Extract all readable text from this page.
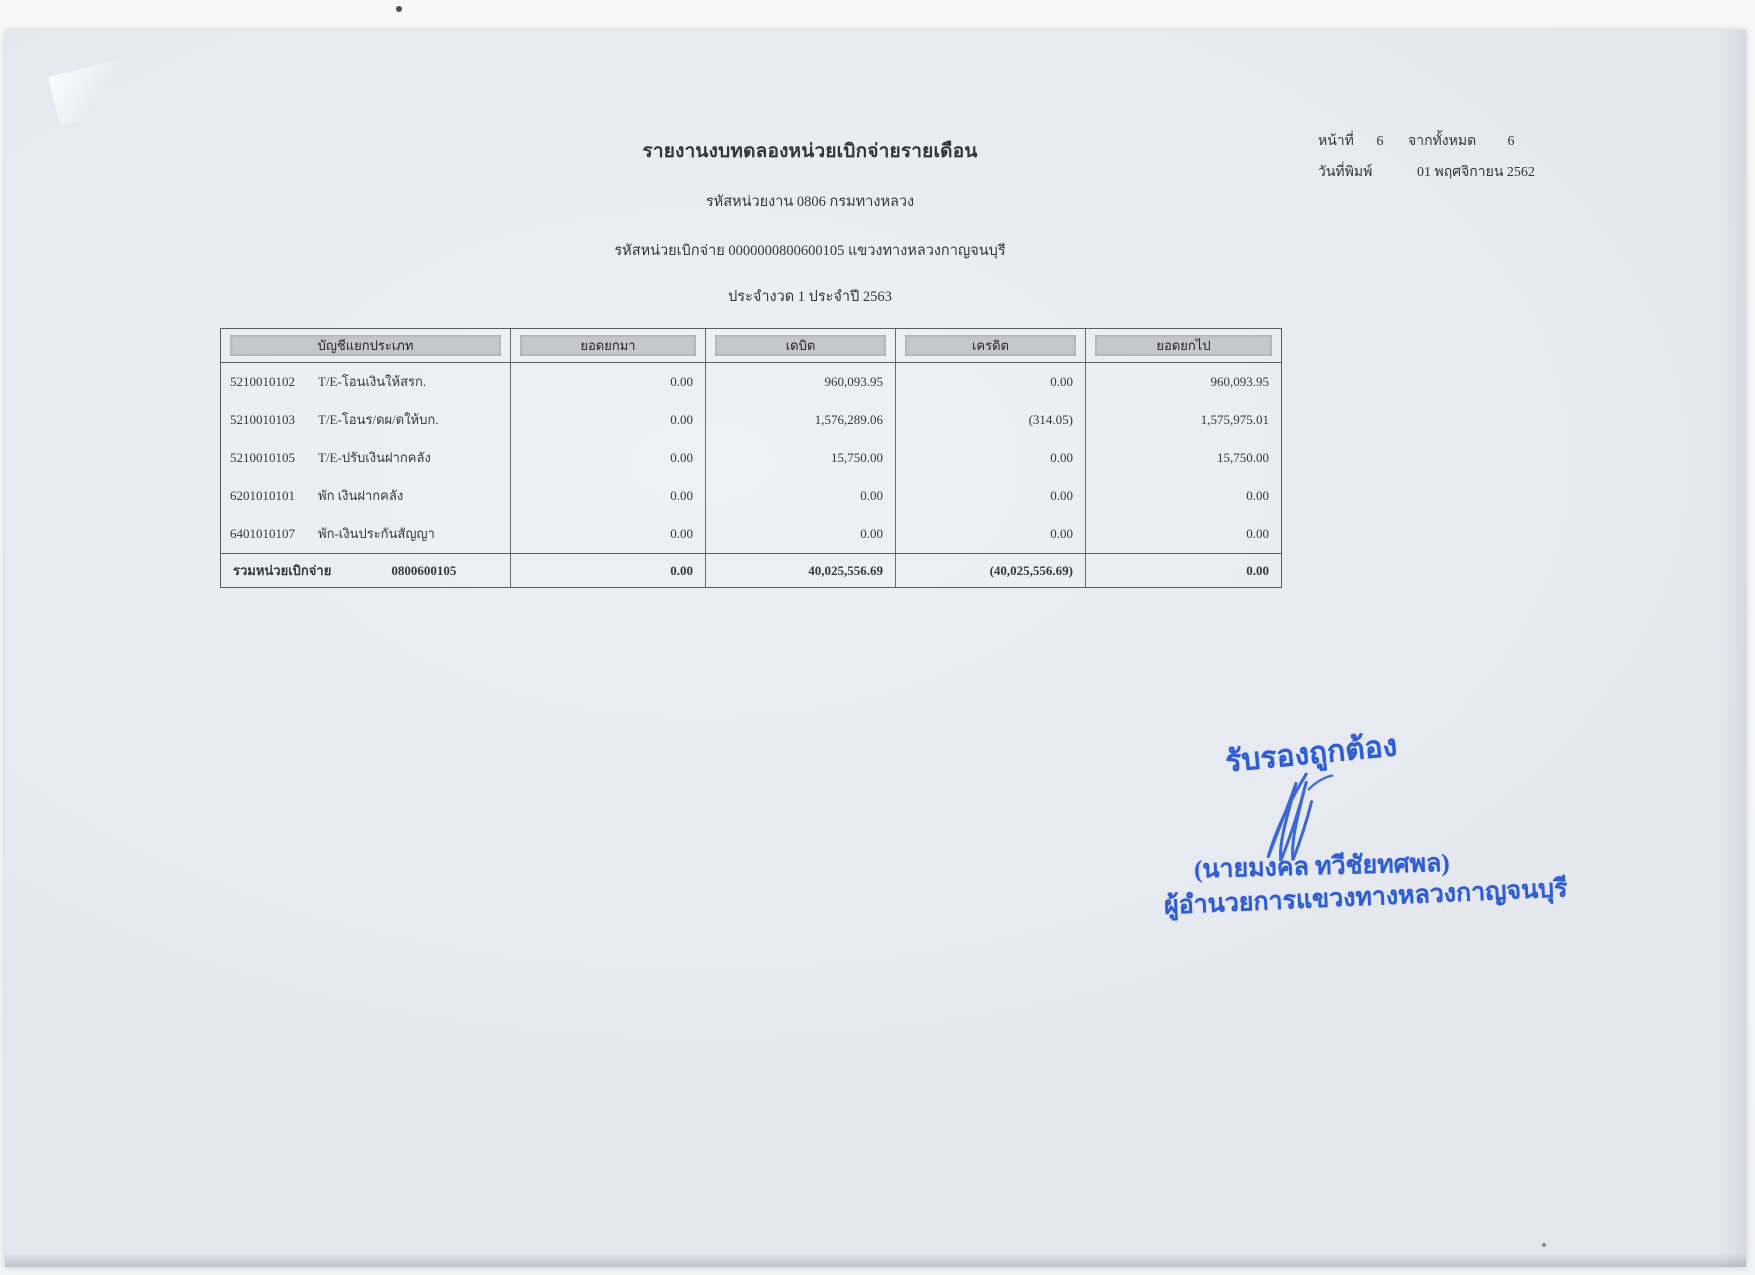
รายงานงบทดลองหน่วยเบิกจ่ายรายเดือน
รหัสหน่วยงาน 0806 กรมทางหลวง
รหัสหน่วยเบิกจ่าย 0000000800600105 แขวงทางหลวงกาญจนบุรี
ประจำงวด 1 ประจำปี 2563
หน้าที่	6	จากทั้งหมด	6
วันที่พิมพ์	01 พฤศจิกายน 2562
บัญชีแยกประเภท	ยอดยกมา	เดบิต	เครดิต	ยอดยกไป
5210010102 T/E-โอนเงินให้สรก.	0.00	960,093.95	0.00	960,093.95
5210010103 T/E-โอนร/ดผ/ดให้บก.	0.00	1,576,289.06	(314.05)	1,575,975.01
5210010105 T/E-ปรับเงินฝากคลัง	0.00	15,750.00	0.00	15,750.00
6201010101 พัก เงินฝากคลัง	0.00	0.00	0.00	0.00
6401010107 พัก-เงินประกันสัญญา	0.00	0.00	0.00	0.00
รวมหน่วยเบิกจ่าย	0800600105	0.00	40,025,556.69	(40,025,556.69)	0.00
รับรองถูกต้อง
(นายมงคล ทวีชัยทศพล)
ผู้อำนวยการแขวงทางหลวงกาญจนบุรี
